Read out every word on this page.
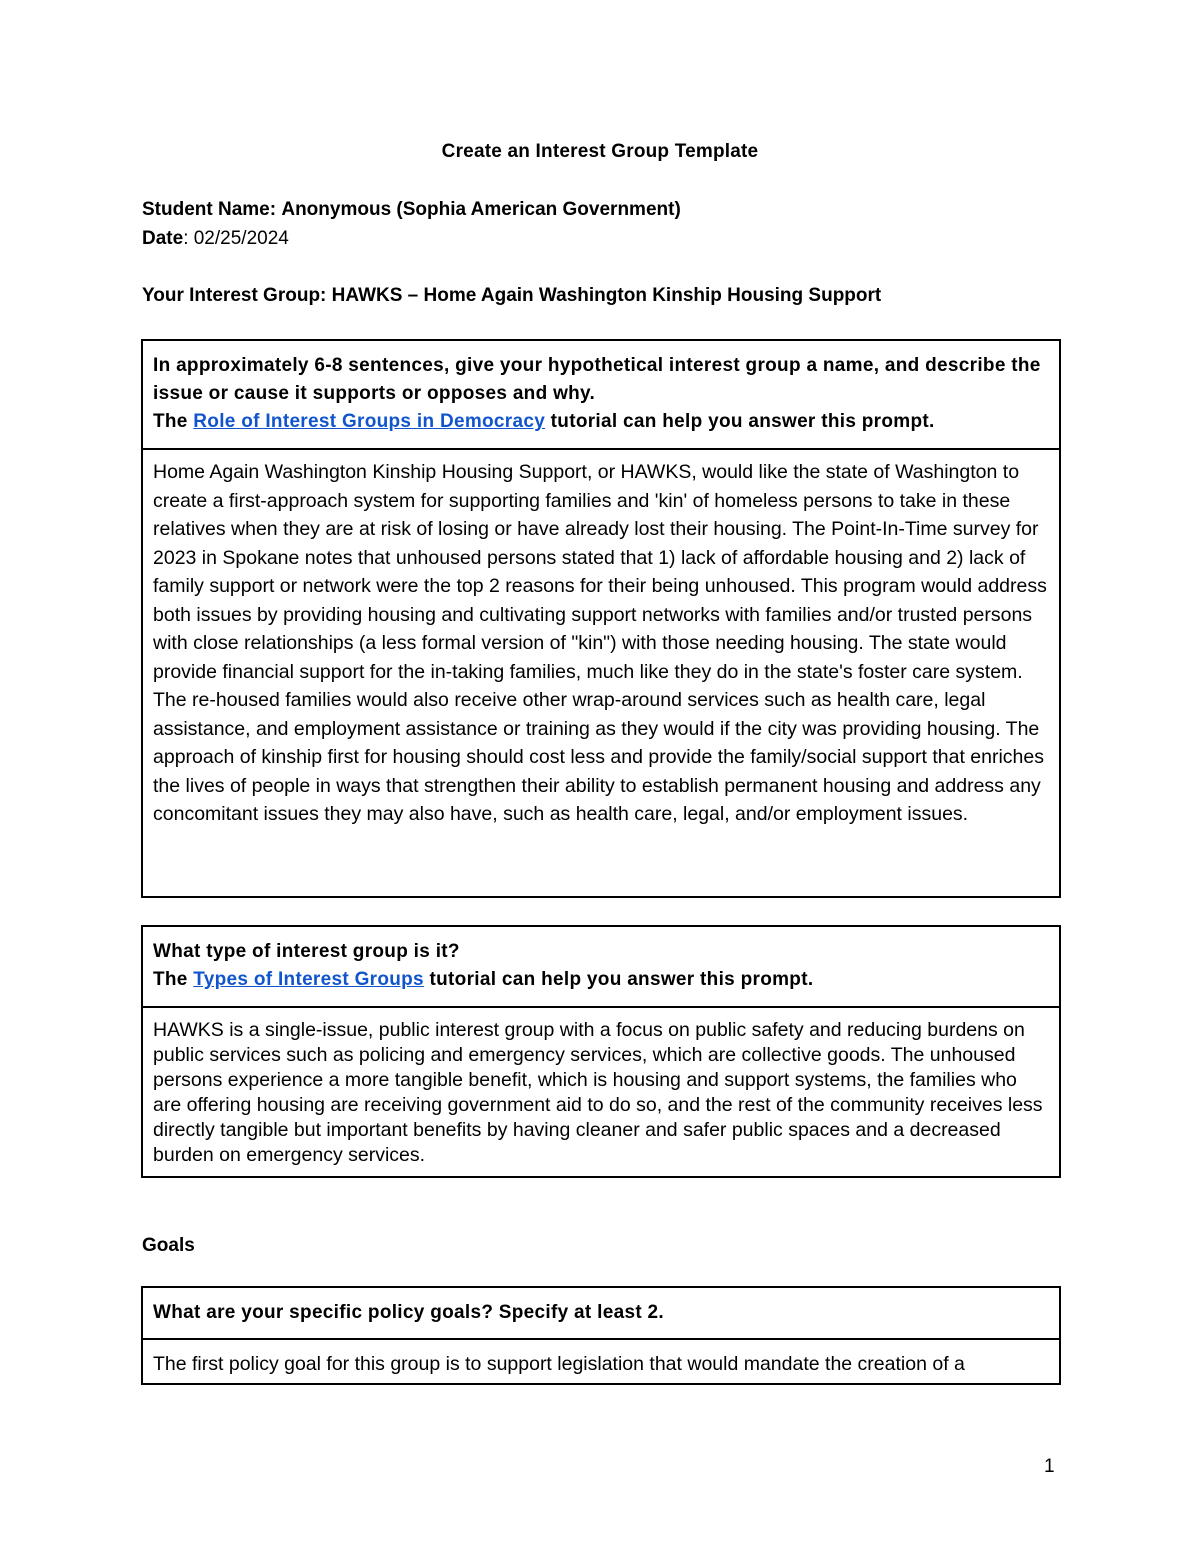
Create an Interest Group Template
Student Name: Anonymous (Sophia American Government)
Date: 02/25/2024
Your Interest Group: HAWKS – Home Again Washington Kinship Housing Support
In approximately 6-8 sentences, give your hypothetical interest group a name, and describe the issue or cause it supports or opposes and why.
The Role of Interest Groups in Democracy tutorial can help you answer this prompt.
Home Again Washington Kinship Housing Support, or HAWKS, would like the state of Washington to create a first-approach system for supporting families and 'kin' of homeless persons to take in these relatives when they are at risk of losing or have already lost their housing. The Point-In-Time survey for 2023 in Spokane notes that unhoused persons stated that 1) lack of affordable housing and 2) lack of family support or network were the top 2 reasons for their being unhoused. This program would address both issues by providing housing and cultivating support networks with families and/or trusted persons with close relationships (a less formal version of "kin") with those needing housing. The state would provide financial support for the in-taking families, much like they do in the state's foster care system. The re-housed families would also receive other wrap-around services such as health care, legal assistance, and employment assistance or training as they would if the city was providing housing. The approach of kinship first for housing should cost less and provide the family/social support that enriches the lives of people in ways that strengthen their ability to establish permanent housing and address any concomitant issues they may also have, such as health care, legal, and/or employment issues.
What type of interest group is it?
The Types of Interest Groups tutorial can help you answer this prompt.
HAWKS is a single-issue, public interest group with a focus on public safety and reducing burdens on public services such as policing and emergency services, which are collective goods. The unhoused persons experience a more tangible benefit, which is housing and support systems, the families who are offering housing are receiving government aid to do so, and the rest of the community receives less directly tangible but important benefits by having cleaner and safer public spaces and a decreased burden on emergency services.
Goals
What are your specific policy goals? Specify at least 2.
The first policy goal for this group is to support legislation that would mandate the creation of a
1
